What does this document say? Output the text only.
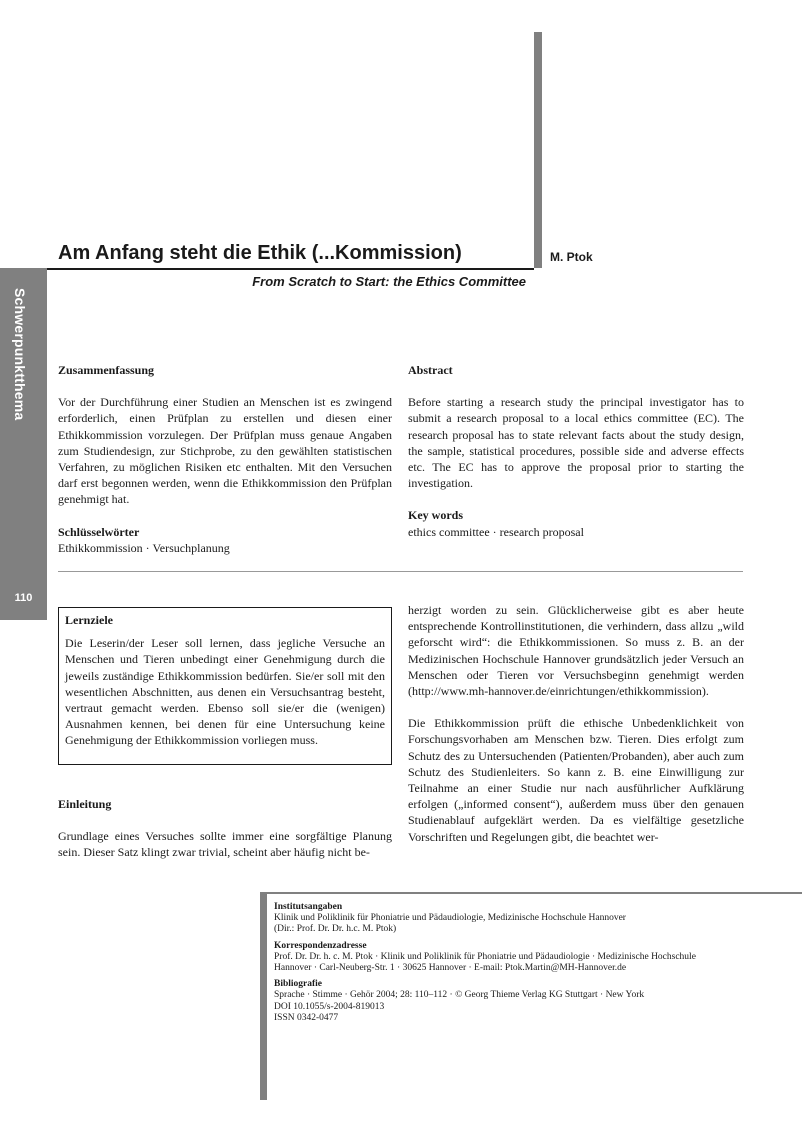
Schwerpunktthema
110
Am Anfang steht die Ethik (...Kommission)	M. Ptok
From Scratch to Start: the Ethics Committee
Zusammenfassung

Vor der Durchführung einer Studien an Menschen ist es zwingend erforderlich, einen Prüfplan zu erstellen und diesen einer Ethikkommission vorzulegen. Der Prüfplan muss genaue Angaben zum Studiendesign, zur Stichprobe, zu den gewählten statistischen Verfahren, zu möglichen Risiken etc enthalten. Mit den Versuchen darf erst begonnen werden, wenn die Ethikkommission den Prüfplan genehmigt hat.

Schlüsselwörter

Ethikkommission · Versuchplanung

Abstract

Before starting a research study the principal investigator has to submit a research proposal to a local ethics committee (EC). The research proposal has to state relevant facts about the study design, the sample, statistical procedures, possible side and adverse effects etc. The EC has to approve the proposal prior to starting the investigation.

Key words

ethics committee · research proposal

Lernziele

Die Leserin/der Leser soll lernen, dass jegliche Versuche an Menschen und Tieren unbedingt einer Genehmigung durch die jeweils zuständige Ethikkommission bedürfen. Sie/er soll mit den wesentlichen Abschnitten, aus denen ein Versuchsantrag besteht, vertraut gemacht werden. Ebenso soll sie/er die (wenigen) Ausnahmen kennen, bei denen für eine Untersuchung keine Genehmigung der Ethikkommission vorliegen muss.

Einleitung

Grundlage eines Versuches sollte immer eine sorgfältige Planung sein. Dieser Satz klingt zwar trivial, scheint aber häufig nicht be-

herzigt worden zu sein. Glücklicherweise gibt es aber heute entsprechende Kontrollinstitutionen, die verhindern, dass allzu „wild geforscht wird“: die Ethikkommissionen. So muss z. B. an der Medizinischen Hochschule Hannover grundsätzlich jeder Versuch an Menschen oder Tieren vor Versuchsbeginn genehmigt werden (http://www.mh-hannover.de/einrichtungen/ethikkommission).

Die Ethikkommission prüft die ethische Unbedenklichkeit von Forschungsvorhaben am Menschen bzw. Tieren. Dies erfolgt zum Schutz des zu Untersuchenden (Patienten/Probanden), aber auch zum Schutz des Studienleiters. So kann z. B. eine Einwilligung zur Teilnahme an einer Studie nur nach ausführlicher Aufklärung erfolgen („informed consent“), außerdem muss über den genauen Studienablauf aufgeklärt werden. Da es vielfältige gesetzliche Vorschriften und Regelungen gibt, die beachtet wer-

Institutsangaben
Klinik und Poliklinik für Phoniatrie und Pädaudiologie, Medizinische Hochschule Hannover
(Dir.: Prof. Dr. Dr. h.c. M. Ptok)
Korrespondenzadresse
Prof. Dr. Dr. h. c. M. Ptok · Klinik und Poliklinik für Phoniatrie und Pädaudiologie · Medizinische Hochschule
Hannover · Carl-Neuberg-Str. 1 · 30625 Hannover · E-mail: Ptok.Martin@MH-Hannover.de
Bibliografie
Sprache · Stimme · Gehör 2004; 28: 110–112 · © Georg Thieme Verlag KG Stuttgart · New York
DOI 10.1055/s-2004-819013
ISSN 0342-0477
